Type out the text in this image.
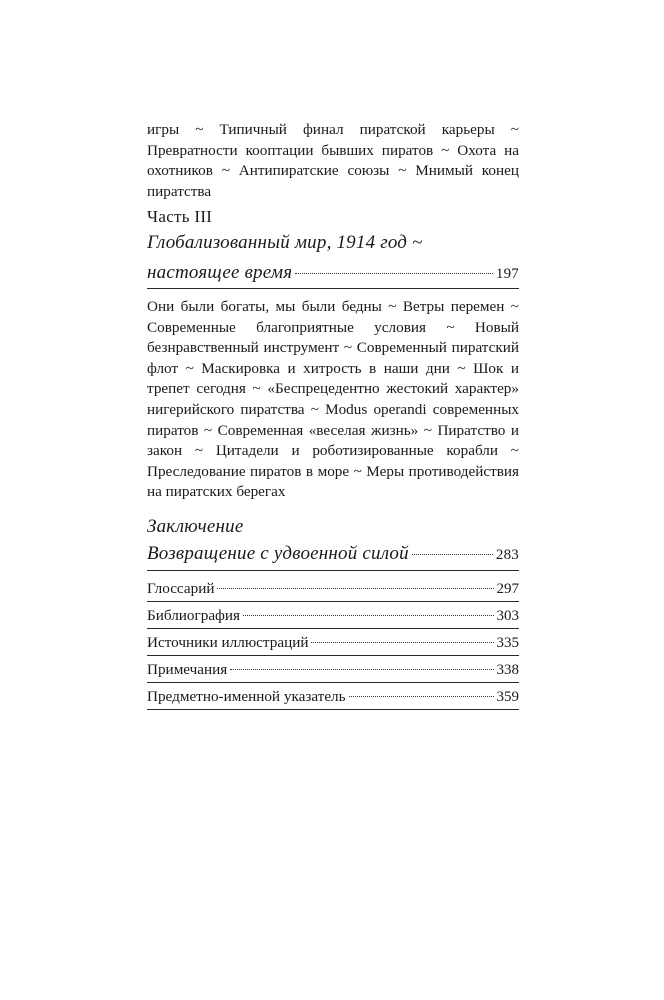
игры ~ Типичный финал пиратской карьеры ~ Превратности кооптации бывших пиратов ~ Охота на охотников ~ Антипиратские союзы ~ Мнимый конец пиратства

Часть III
Глобализованный мир, 1914 год ~
настоящее время	197

Они были богаты, мы были бедны ~ Ветры перемен ~ Современные благоприятные условия ~ Новый безнравственный инструмент ~ Современный пиратский флот ~ Маскировка и хитрость в наши дни ~ Шок и трепет сегодня ~ «Беспрецедентно жестокий характер» нигерийского пиратства ~ Modus operandi современных пиратов ~ Современная «веселая жизнь» ~ Пиратство и закон ~ Цитадели и роботизированные корабли ~ Преследование пиратов в море ~ Меры противодействия на пиратских берегах

Заключение
Возвращение с удвоенной силой	283
Глоссарий	297
Библиография	303
Источники иллюстраций	335
Примечания	338
Предметно-именной указатель	359
